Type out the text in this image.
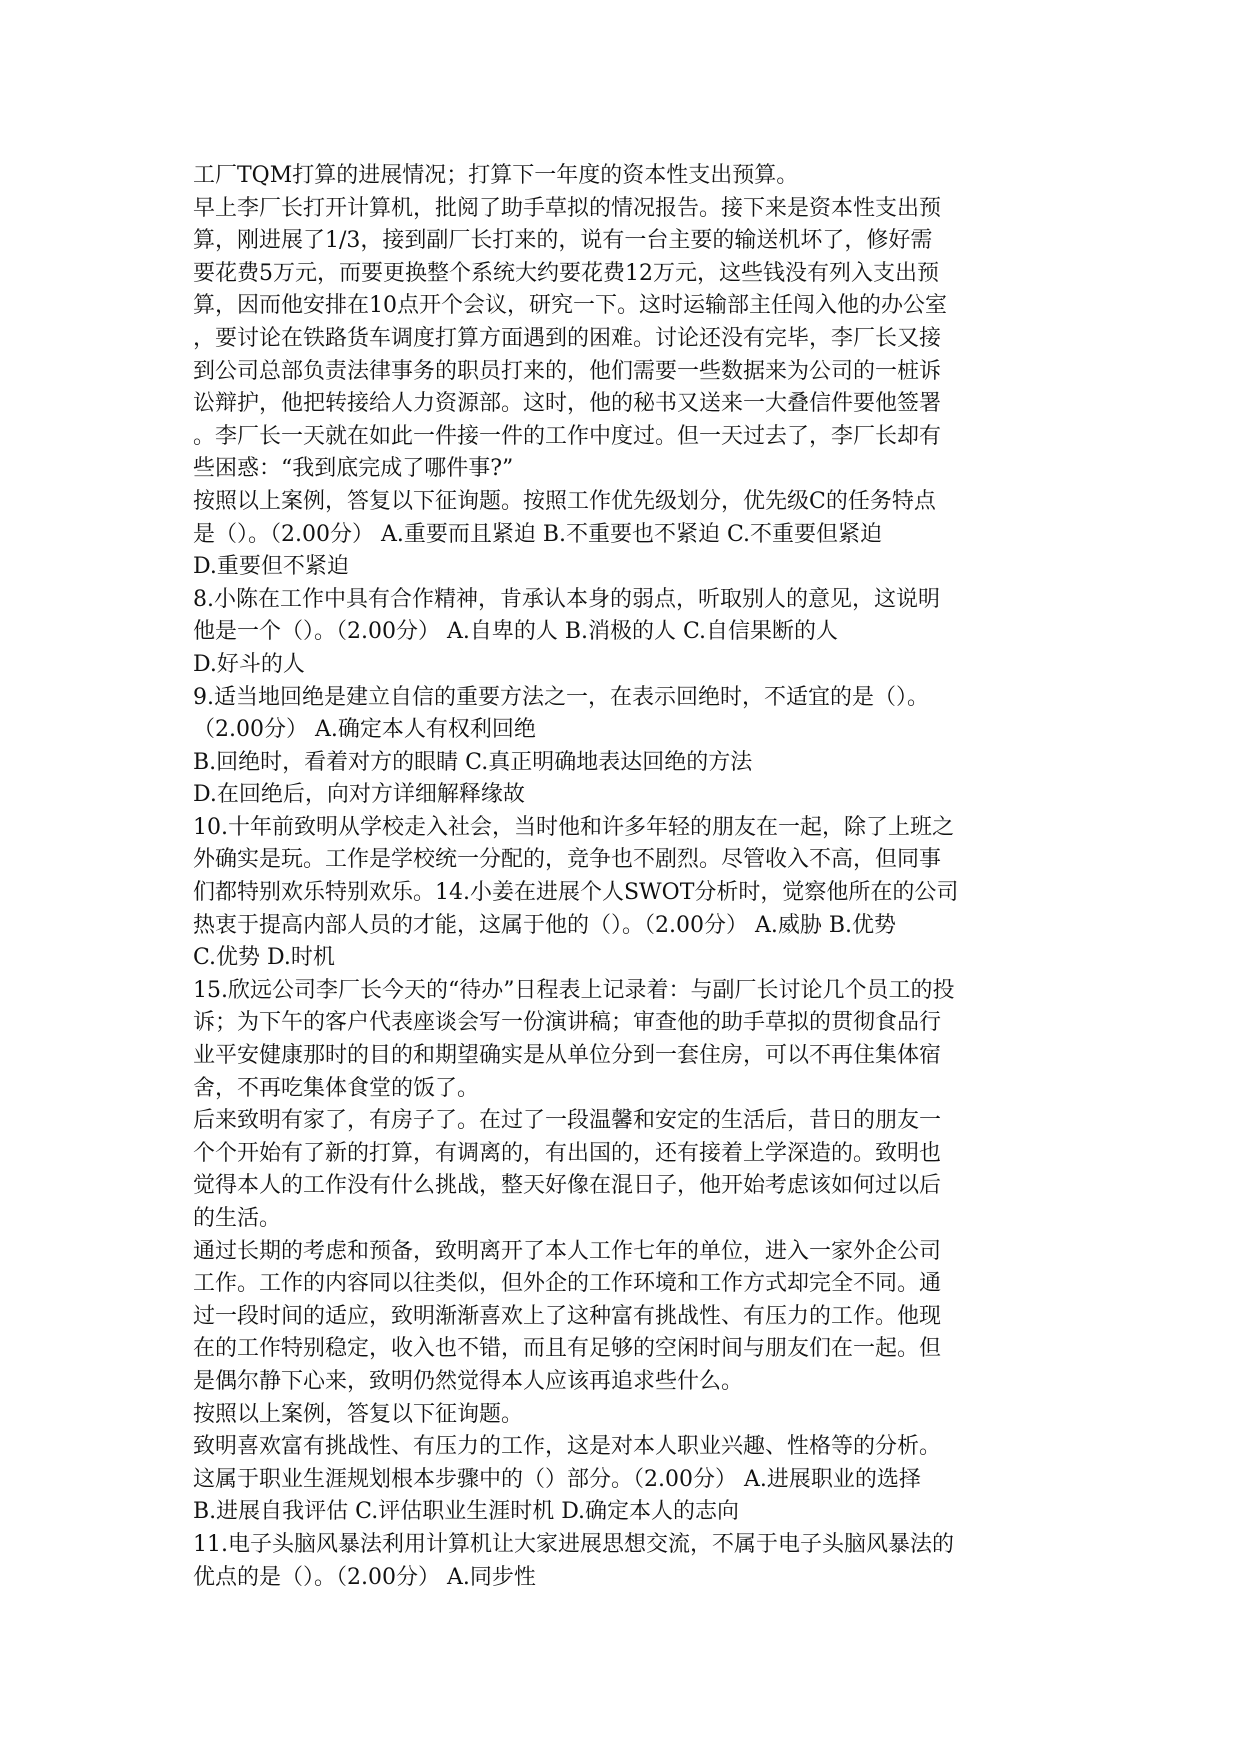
工厂TQM打算的进展情况；打算下一年度的资本性支出预算。
早上李厂长打开计算机，批阅了助手草拟的情况报告。接下来是资本性支出预
算，刚进展了1/3，接到副厂长打来的，说有一台主要的输送机坏了，修好需
要花费5万元，而要更换整个系统大约要花费12万元，这些钱没有列入支出预
算，因而他安排在10点开个会议，研究一下。这时运输部主任闯入他的办公室
，要讨论在铁路货车调度打算方面遇到的困难。讨论还没有完毕，李厂长又接
到公司总部负责法律事务的职员打来的，他们需要一些数据来为公司的一桩诉
讼辩护，他把转接给人力资源部。这时，他的秘书又送来一大叠信件要他签署
。李厂长一天就在如此一件接一件的工作中度过。但一天过去了，李厂长却有
些困惑：“我到底完成了哪件事?”
按照以上案例，答复以下征询题。按照工作优先级划分，优先级C的任务特点
是（）。（2.00分） A.重要而且紧迫 B.不重要也不紧迫 C.不重要但紧迫
D.重要但不紧迫
8.小陈在工作中具有合作精神，肯承认本身的弱点，听取别人的意见，这说明
他是一个（）。（2.00分） A.自卑的人 B.消极的人 C.自信果断的人
D.好斗的人
9.适当地回绝是建立自信的重要方法之一，在表示回绝时，不适宜的是（）。
（2.00分） A.确定本人有权利回绝
B.回绝时，看着对方的眼睛 C.真正明确地表达回绝的方法
D.在回绝后，向对方详细解释缘故
10.十年前致明从学校走入社会，当时他和许多年轻的朋友在一起，除了上班之
外确实是玩。工作是学校统一分配的，竞争也不剧烈。尽管收入不高，但同事
们都特别欢乐特别欢乐。14.小姜在进展个人SWOT分析时，觉察他所在的公司
热衷于提高内部人员的才能，这属于他的（）。（2.00分） A.威胁 B.优势
C.优势 D.时机
15.欣远公司李厂长今天的“待办”日程表上记录着：与副厂长讨论几个员工的投
诉；为下午的客户代表座谈会写一份演讲稿；审查他的助手草拟的贯彻食品行
业平安健康那时的目的和期望确实是从单位分到一套住房，可以不再住集体宿
舍，不再吃集体食堂的饭了。
后来致明有家了，有房子了。在过了一段温馨和安定的生活后，昔日的朋友一
个个开始有了新的打算，有调离的，有出国的，还有接着上学深造的。致明也
觉得本人的工作没有什么挑战，整天好像在混日子，他开始考虑该如何过以后
的生活。
通过长期的考虑和预备，致明离开了本人工作七年的单位，进入一家外企公司
工作。工作的内容同以往类似，但外企的工作环境和工作方式却完全不同。通
过一段时间的适应，致明渐渐喜欢上了这种富有挑战性、有压力的工作。他现
在的工作特别稳定，收入也不错，而且有足够的空闲时间与朋友们在一起。但
是偶尔静下心来，致明仍然觉得本人应该再追求些什么。
按照以上案例，答复以下征询题。
致明喜欢富有挑战性、有压力的工作，这是对本人职业兴趣、性格等的分析。
这属于职业生涯规划根本步骤中的（）部分。（2.00分） A.进展职业的选择
B.进展自我评估 C.评估职业生涯时机 D.确定本人的志向
11.电子头脑风暴法利用计算机让大家进展思想交流，不属于电子头脑风暴法的
优点的是（）。（2.00分） A.同步性
